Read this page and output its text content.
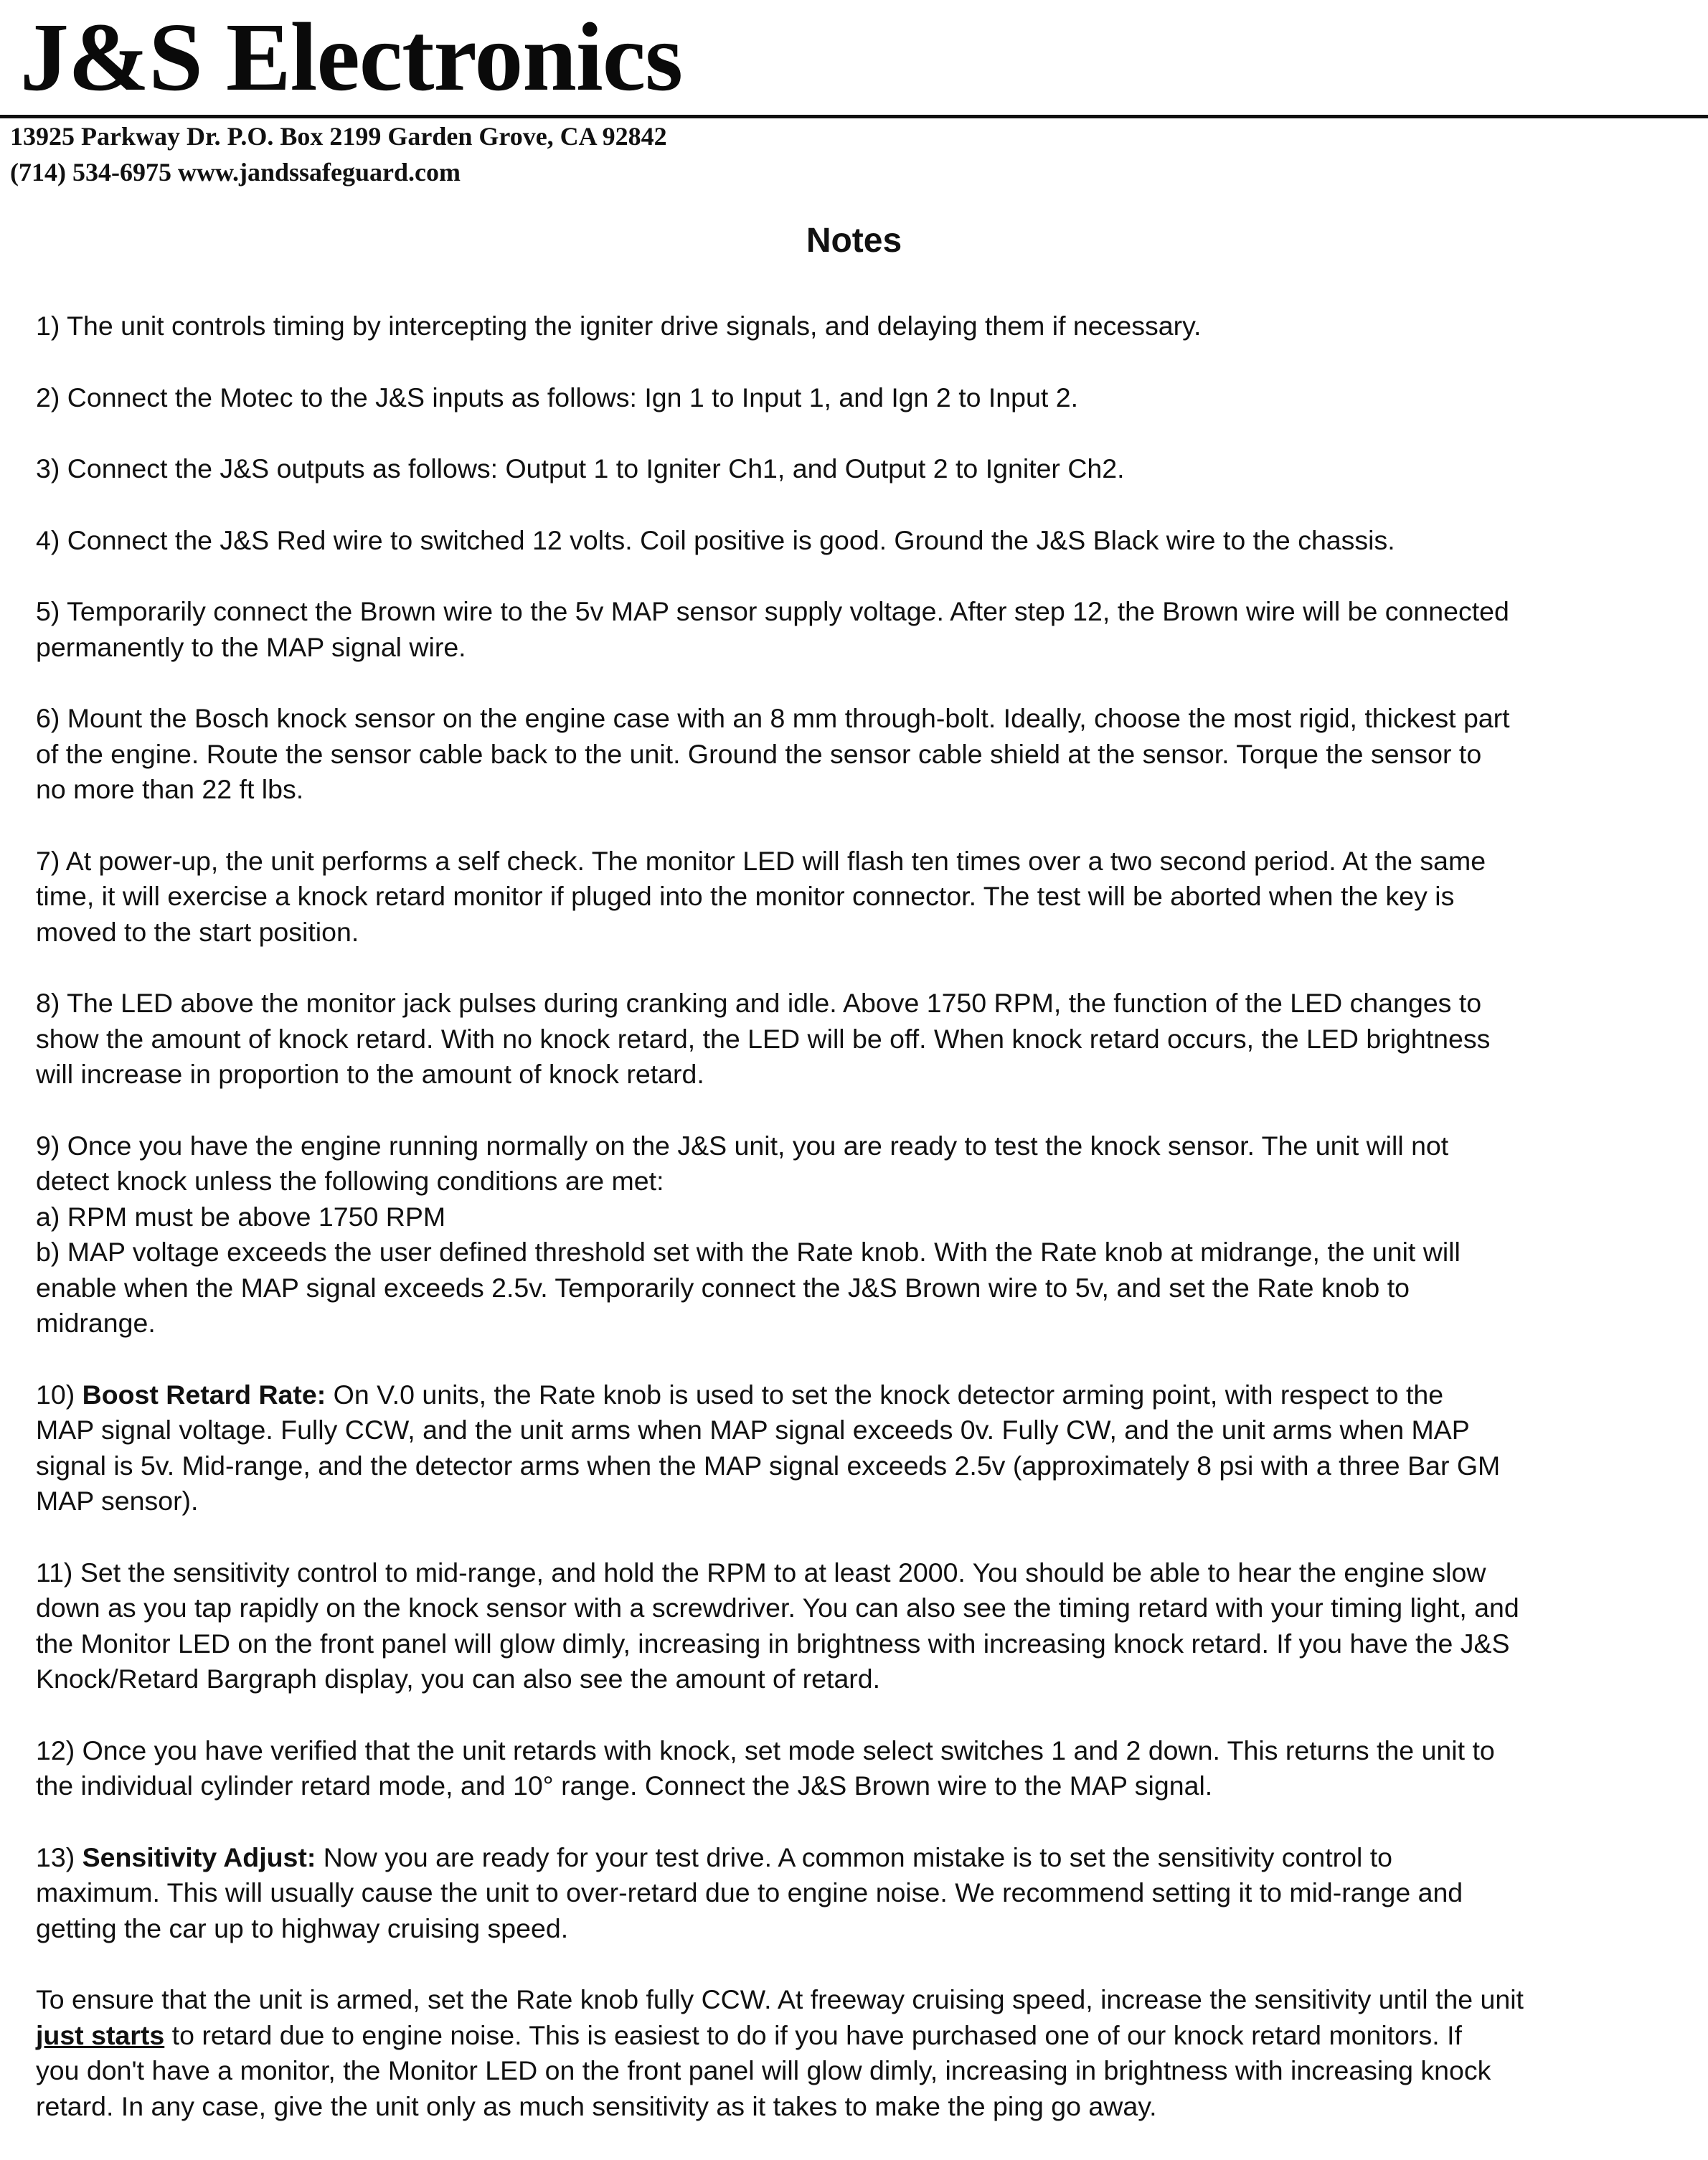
J&S Electronics
13925 Parkway Dr. P.O. Box 2199 Garden Grove, CA 92842
(714) 534-6975 www.jandssafeguard.com
Notes
1) The unit controls timing by intercepting the igniter drive signals, and delaying them if necessary.
2) Connect the Motec to the J&S inputs as follows: Ign 1 to Input 1, and Ign 2 to Input 2.
3) Connect the J&S outputs as follows: Output 1 to Igniter Ch1, and Output 2 to Igniter Ch2.
4) Connect the J&S Red wire to switched 12 volts. Coil positive is good. Ground the J&S Black wire to the chassis.
5) Temporarily connect the Brown wire to the 5v MAP sensor supply voltage. After step 12, the Brown wire will be connected
permanently to the MAP signal wire.
6) Mount the Bosch knock sensor on the engine case with an 8 mm through-bolt. Ideally, choose the most rigid, thickest part
of the engine. Route the sensor cable back to the unit. Ground the sensor cable shield at the sensor. Torque the sensor to
no more than 22 ft lbs.
7) At power-up, the unit performs a self check. The monitor LED will flash ten times over a two second period. At the same
time, it will exercise a knock retard monitor if pluged into the monitor connector. The test will be aborted when the key is
moved to the start position.
8) The LED above the monitor jack pulses during cranking and idle. Above 1750 RPM, the function of the LED changes to
show the amount of knock retard. With no knock retard, the LED will be off. When knock retard occurs, the LED brightness
will increase in proportion to the amount of knock retard.
9) Once you have the engine running normally on the J&S unit, you are ready to test the knock sensor. The unit will not
detect knock unless the following conditions are met:
a) RPM must be above 1750 RPM
b) MAP voltage exceeds the user defined threshold set with the Rate knob. With the Rate knob at midrange, the unit will
enable when the MAP signal exceeds 2.5v. Temporarily connect the J&S Brown wire to 5v, and set the Rate knob to
midrange.
10) Boost Retard Rate: On V.0 units, the Rate knob is used to set the knock detector arming point, with respect to the
MAP signal voltage. Fully CCW, and the unit arms when MAP signal exceeds 0v. Fully CW, and the unit arms when MAP
signal is 5v. Mid-range, and the detector arms when the MAP signal exceeds 2.5v (approximately 8 psi with a three Bar GM
MAP sensor).
11) Set the sensitivity control to mid-range, and hold the RPM to at least 2000. You should be able to hear the engine slow
down as you tap rapidly on the knock sensor with a screwdriver. You can also see the timing retard with your timing light, and
the Monitor LED on the front panel will glow dimly, increasing in brightness with increasing knock retard. If you have the J&S
Knock/Retard Bargraph display, you can also see the amount of retard.
12) Once you have verified that the unit retards with knock, set mode select switches 1 and 2 down. This returns the unit to
the individual cylinder retard mode, and 10° range. Connect the J&S Brown wire to the MAP signal.
13) Sensitivity Adjust: Now you are ready for your test drive. A common mistake is to set the sensitivity control to
maximum. This will usually cause the unit to over-retard due to engine noise. We recommend setting it to mid-range and
getting the car up to highway cruising speed.
To ensure that the unit is armed, set the Rate knob fully CCW. At freeway cruising speed, increase the sensitivity until the unit
just starts to retard due to engine noise. This is easiest to do if you have purchased one of our knock retard monitors. If
you don't have a monitor, the Monitor LED on the front panel will glow dimly, increasing in brightness with increasing knock
retard. In any case, give the unit only as much sensitivity as it takes to make the ping go away.
